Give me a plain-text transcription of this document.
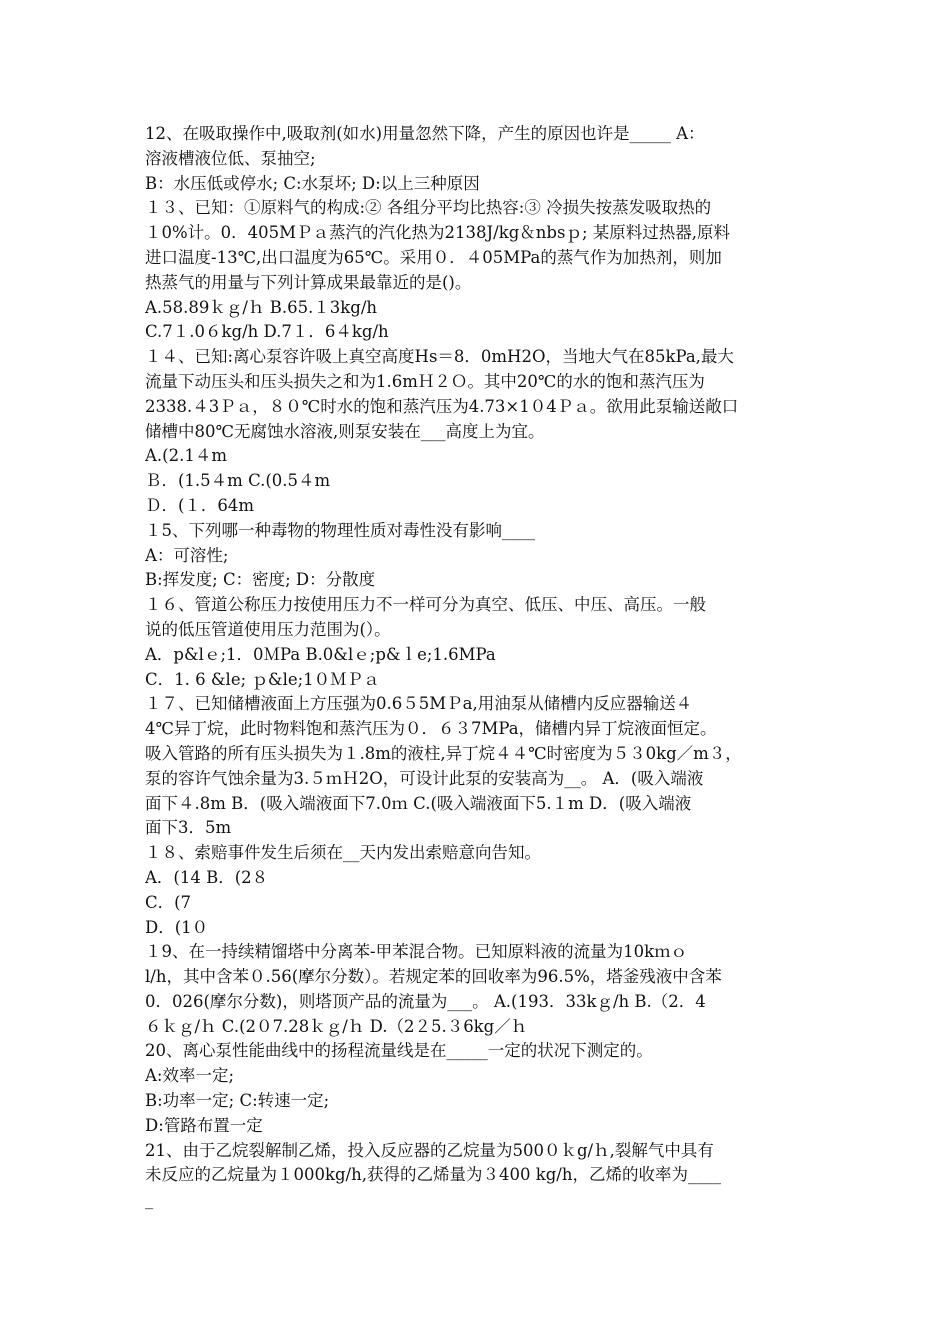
12、在吸取操作中,吸取剂(如水)用量忽然下降，产生的原因也许是_____ A：
溶液槽液位低、泵抽空;
B：水压低或停水; C:水泵坏; D:以上三种原因
１３、已知：①原料气的构成:② 各组分平均比热容:③ 冷损失按蒸发吸取热的
１0%计。0．405MＰａ蒸汽的汽化热为2138J/kg＆nbsｐ; 某原料过热器,原料
进口温度-13℃,出口温度为65℃。采用０．４05MPa的蒸气作为加热剂，则加
热蒸气的用量与下列计算成果最靠近的是()。
A.58.89ｋｇ/ｈ B.65.１3kg/h
C.7１.0６kg/h D.7１．6４kg/h
１４、已知:离心泵容许吸上真空高度Hs＝8．0mH2O，当地大气在85kPa,最大
流量下动压头和压头损失之和为1.6mＨ２Ｏ。其中20℃的水的饱和蒸汽压为
2338.４3Ｐａ，８０℃时水的饱和蒸汽压为4.73×1０4Ｐａ。欲用此泵输送敞口
储槽中80℃无腐蚀水溶液,则泵安装在___高度上为宜。
A.(2.1４m
Ｂ．(1.5４m C.(0.5４m
Ｄ．(１．64m
１5、下列哪一种毒物的物理性质对毒性没有影响____
A：可溶性;
B:挥发度; C：密度; D：分散度
１６、管道公称压力按使用压力不一样可分为真空、低压、中压、高压。一般
说的低压管道使用压力范围为(）。
A．p&lｅ;1．0ＭPa B.0&lｅ;p&ｌe;1.6MPa
C．1. 6 &le; ｐ&le;1０ＭＰａ
１７、已知储槽液面上方压强为0.6５5MＰa,用油泵从储槽内反应器输送４
4℃异丁烷，此时物料饱和蒸汽压为０．６３7MPa，储槽内异丁烷液面恒定。
吸入管路的所有压头损失为１.8m的液柱,异丁烷４４℃时密度为５３0kg／m３，
泵的容许气蚀余量为3.５ｍＨ2O，可设计此泵的安装高为__。 A．(吸入端液
面下４.8m B．(吸入端液面下7.0ｍ C.(吸入端液面下5.１m D．(吸入端液
面下3．5m
１８、索赔事件发生后须在__天内发出索赔意向告知。
A．(14 B．(2８
C．(7
D．(1０
１9、在一持续精馏塔中分离苯-甲苯混合物。已知原料液的流量为10kｍｏ
l/h，其中含苯０.56(摩尔分数）。若规定苯的回收率为96.5%，塔釜残液中含苯
0．026(摩尔分数)，则塔顶产品的流量为___。 A.(193．33kｇ/h B.（2．4
６ｋｇ/ｈ C.(2０7.28ｋｇ/ｈ D.（2２5.３6kg／ｈ
20、离心泵性能曲线中的扬程流量线是在_____一定的状况下测定的。
A:效率一定;
B:功率一定; C:转速一定;
D:管路布置一定
21、由于乙烷裂解制乙烯，投入反应器的乙烷量为500０ｋg/ｈ,裂解气中具有
未反应的乙烷量为１000kg/h,获得的乙烯量为３400 kg/h，乙烯的收率为____
_
